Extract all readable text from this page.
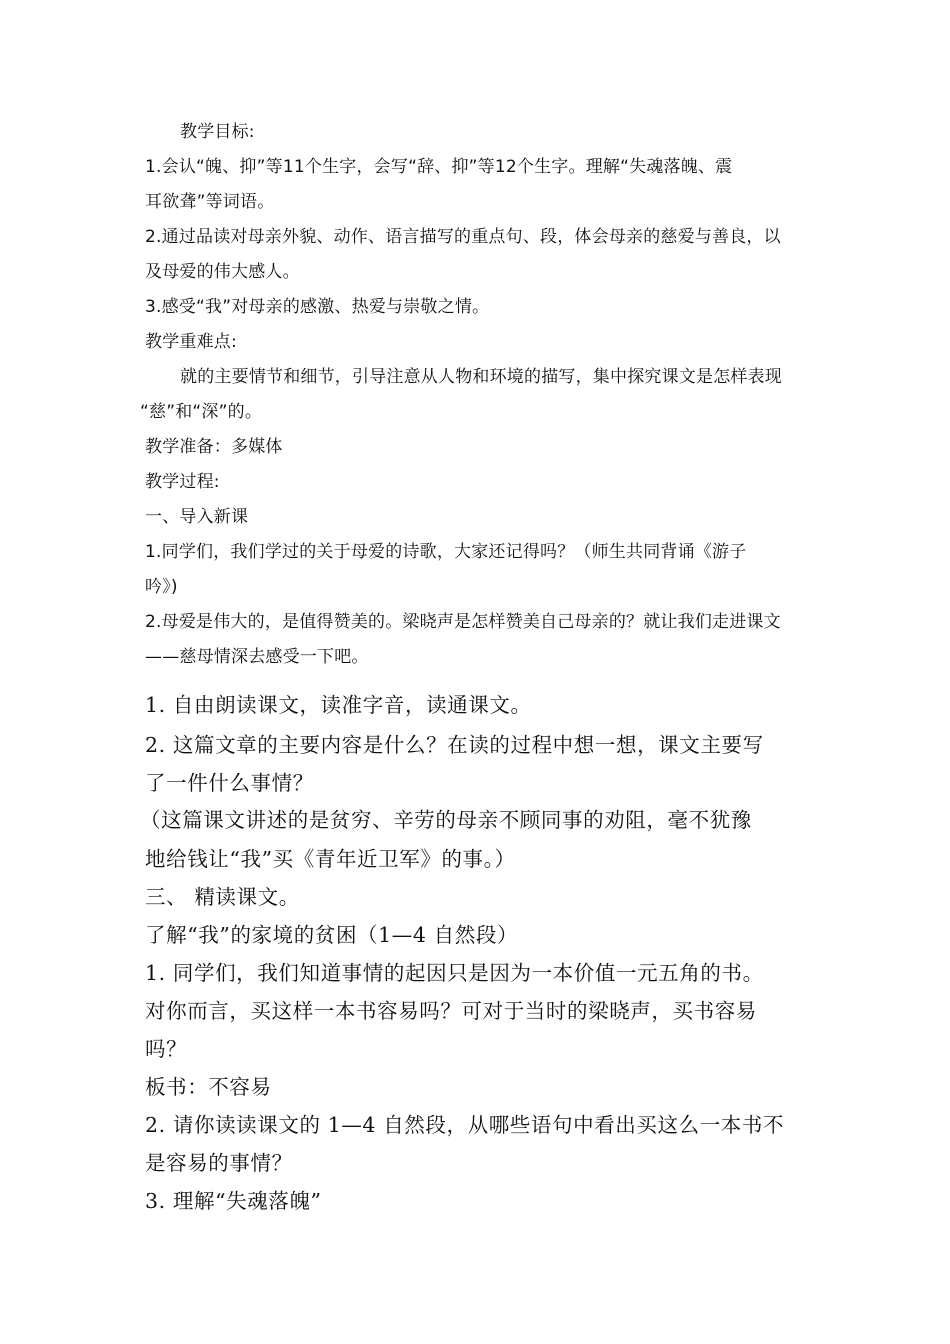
教学目标:

1.会认“魄、抑”等11个生字，会写“辞、抑”等12个生字。理解“失魂落魄、震

耳欲聋”等词语。

2.通过品读对母亲外貌、动作、语言描写的重点句、段，体会母亲的慈爱与善良，以

及母爱的伟大感人。

3.感受“我”对母亲的感激、热爱与崇敬之情。

教学重难点:

就的主要情节和细节，引导注意从人物和环境的描写，集中探究课文是怎样表现

“慈”和“深”的。

教学准备：多媒体

教学过程:

一、导入新课

1.同学们，我们学过的关于母爱的诗歌，大家还记得吗？（师生共同背诵《游子

吟》)

2.母爱是伟大的，是值得赞美的。梁晓声是怎样赞美自己母亲的？就让我们走进课文

——慈母情深去感受一下吧。

1. 自由朗读课文，读准字音，读通课文。

2. 这篇文章的主要内容是什么？在读的过程中想一想，课文主要写

了一件什么事情？

（这篇课文讲述的是贫穷、辛劳的母亲不顾同事的劝阻，毫不犹豫

地给钱让“我”买《青年近卫军》的事。）

三、 精读课文。

了解“我”的家境的贫困（1—4 自然段）

1. 同学们，我们知道事情的起因只是因为一本价值一元五角的书。

对你而言，买这样一本书容易吗？可对于当时的梁晓声，买书容易

吗？

板书：不容易

2. 请你读读课文的 1—4 自然段，从哪些语句中看出买这么一本书不

是容易的事情？

3. 理解“失魂落魄”
